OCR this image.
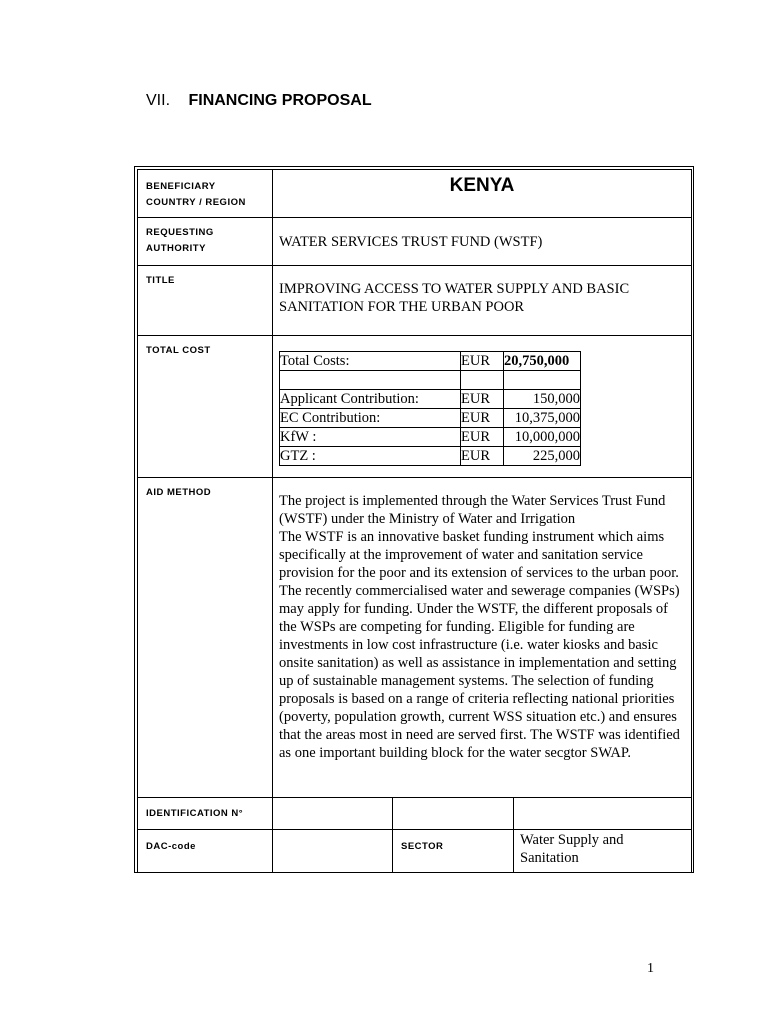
VII. FINANCING PROPOSAL
BENEFICIARY
COUNTRY / REGION

KENYA

REQUESTING
AUTHORITY	WATER SERVICES TRUST FUND (WSTF)

TITLE

IMPROVING ACCESS TO WATER SUPPLY AND BASIC SANITATION FOR THE URBAN POOR

TOTAL COST

Total Costs:	EUR	20,750,000

Applicant Contribution:	EUR	150,000
EC Contribution:	EUR	10,375,000
KfW :	EUR	10,000,000
GTZ :	EUR	225,000

AID METHOD

The project is implemented through the Water Services Trust Fund (WSTF) under the Ministry of Water and Irrigation

The WSTF is an innovative basket funding instrument which aims specifically at the improvement of water and sanitation service provision for the poor and its extension of services to the urban poor. The recently commercialised water and sewerage companies (WSPs) may apply for funding. Under the WSTF, the different proposals of the WSPs are competing for funding. Eligible for funding are investments in low cost infrastructure (i.e. water kiosks and basic onsite sanitation) as well as assistance in implementation and setting up of sustainable management systems. The selection of funding proposals is based on a range of criteria reflecting national priorities (poverty, population growth, current WSS situation etc.) and ensures that the areas most in need are served first. The WSTF was identified as one important building block for the water secgtor SWAP.

IDENTIFICATION N°

DAC-code		SECTOR	Water Supply and Sanitation
1
